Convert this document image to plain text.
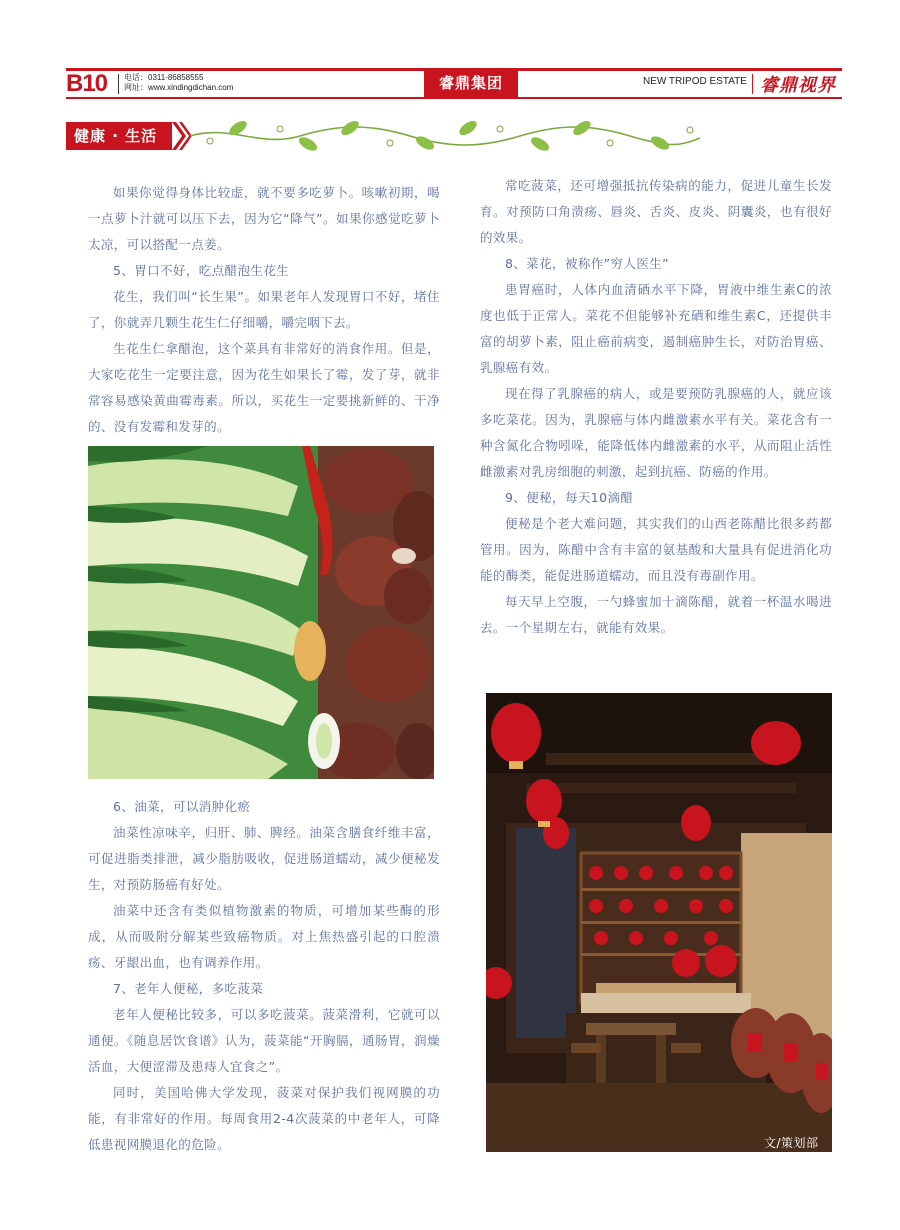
B10 电话：0311-86858555
网址：www.xindingdichan.com	睿鼎集团	NEW TRIPOD ESTATE 睿鼎视界
健康 · 生活

如果你觉得身体比较虚，就不要多吃萝卜。咳嗽初期，喝一点萝卜汁就可以压下去，因为它“降气”。如果你感觉吃萝卜太凉，可以搭配一点姜。

5、胃口不好，吃点醋泡生花生

花生，我们叫“长生果”。如果老年人发现胃口不好，堵住了，你就弄几颗生花生仁仔细嚼，嚼完咽下去。

生花生仁拿醋泡，这个菜具有非常好的消食作用。但是，大家吃花生一定要注意，因为花生如果长了霉，发了芽，就非常容易感染黄曲霉毒素。所以，买花生一定要挑新鲜的、干净的、没有发霉和发芽的。

6、油菜，可以消肿化瘀

油菜性凉味辛，归肝、肺、脾经。油菜含膳食纤维丰富，可促进脂类排泄，减少脂肪吸收，促进肠道蠕动，减少便秘发生，对预防肠癌有好处。

油菜中还含有类似植物激素的物质，可增加某些酶的形成，从而吸附分解某些致癌物质。对上焦热盛引起的口腔溃疡、牙龈出血，也有调养作用。

7、老年人便秘，多吃菠菜

老年人便秘比较多，可以多吃菠菜。菠菜滑利，它就可以通便。《随息居饮食谱》认为，菠菜能“开胸膈，通肠胃，润燥活血，大便涩滞及患痔人宜食之”。

同时，美国哈佛大学发现，菠菜对保护我们视网膜的功能，有非常好的作用。每周食用2-4次菠菜的中老年人，可降低患视网膜退化的危险。

常吃菠菜，还可增强抵抗传染病的能力，促进儿童生长发育。对预防口角溃疡、唇炎、舌炎、皮炎、阴囊炎，也有很好的效果。

8、菜花，被称作”穷人医生”

患胃癌时，人体内血清硒水平下降，胃液中维生素C的浓度也低于正常人。菜花不但能够补充硒和维生素C，还提供丰富的胡萝卜素，阻止癌前病变，遏制癌肿生长，对防治胃癌、乳腺癌有效。

现在得了乳腺癌的病人，或是要预防乳腺癌的人，就应该多吃菜花。因为，乳腺癌与体内雌激素水平有关。菜花含有一种含氮化合物吲哚，能降低体内雌激素的水平，从而阻止活性雌激素对乳房细胞的刺激，起到抗癌、防癌的作用。

9、便秘，每天10滴醋

便秘是个老大难问题，其实我们的山西老陈醋比很多药都管用。因为，陈醋中含有丰富的氨基酸和大量具有促进消化功能的酶类，能促进肠道蠕动，而且没有毒副作用。

每天早上空腹，一勺蜂蜜加十滴陈醋，就着一杯温水喝进去。一个星期左右，就能有效果。

文/策划部
